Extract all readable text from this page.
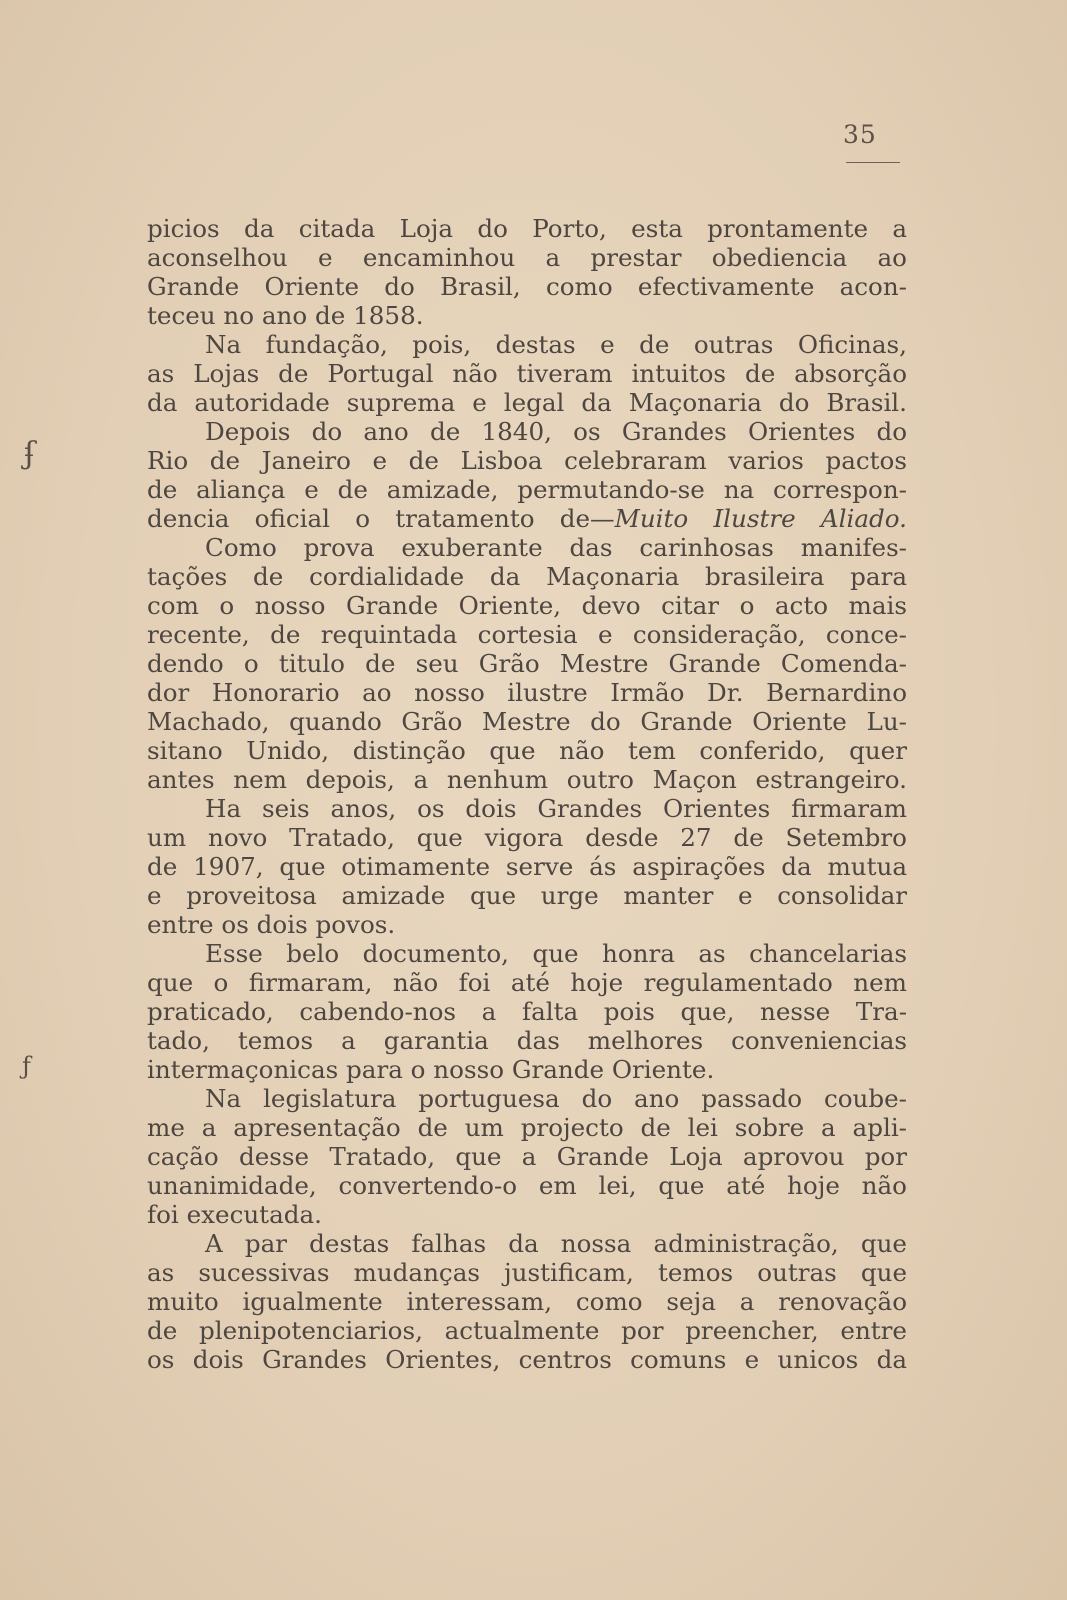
35
ʄ
ƒ
picios da citada Loja do Porto, esta prontamente a
aconselhou e encaminhou a prestar obediencia ao
Grande Oriente do Brasil, como efectivamente acon-
teceu no ano de 1858.
Na fundação, pois, destas e de outras Oficinas,
as Lojas de Portugal não tiveram intuitos de absorção
da autoridade suprema e legal da Maçonaria do Brasil.
Depois do ano de 1840, os Grandes Orientes do
Rio de Janeiro e de Lisboa celebraram varios pactos
de aliança e de amizade, permutando-se na correspon-
dencia oficial o tratamento de—Muito Ilustre Aliado.
Como prova exuberante das carinhosas manifes-
tações de cordialidade da Maçonaria brasileira para
com o nosso Grande Oriente, devo citar o acto mais
recente, de requintada cortesia e consideração, conce-
dendo o titulo de seu Grão Mestre Grande Comenda-
dor Honorario ao nosso ilustre Irmão Dr. Bernardino
Machado, quando Grão Mestre do Grande Oriente Lu-
sitano Unido, distinção que não tem conferido, quer
antes nem depois, a nenhum outro Maçon estrangeiro.
Ha seis anos, os dois Grandes Orientes firmaram
um novo Tratado, que vigora desde 27 de Setembro
de 1907, que otimamente serve ás aspirações da mutua
e proveitosa amizade que urge manter e consolidar
entre os dois povos.
Esse belo documento, que honra as chancelarias
que o firmaram, não foi até hoje regulamentado nem
praticado, cabendo-nos a falta pois que, nesse Tra-
tado, temos a garantia das melhores conveniencias
intermaçonicas para o nosso Grande Oriente.
Na legislatura portuguesa do ano passado coube-
me a apresentação de um projecto de lei sobre a apli-
cação desse Tratado, que a Grande Loja aprovou por
unanimidade, convertendo-o em lei, que até hoje não
foi executada.
A par destas falhas da nossa administração, que
as sucessivas mudanças justificam, temos outras que
muito igualmente interessam, como seja a renovação
de plenipotenciarios, actualmente por preencher, entre
os dois Grandes Orientes, centros comuns e unicos da
